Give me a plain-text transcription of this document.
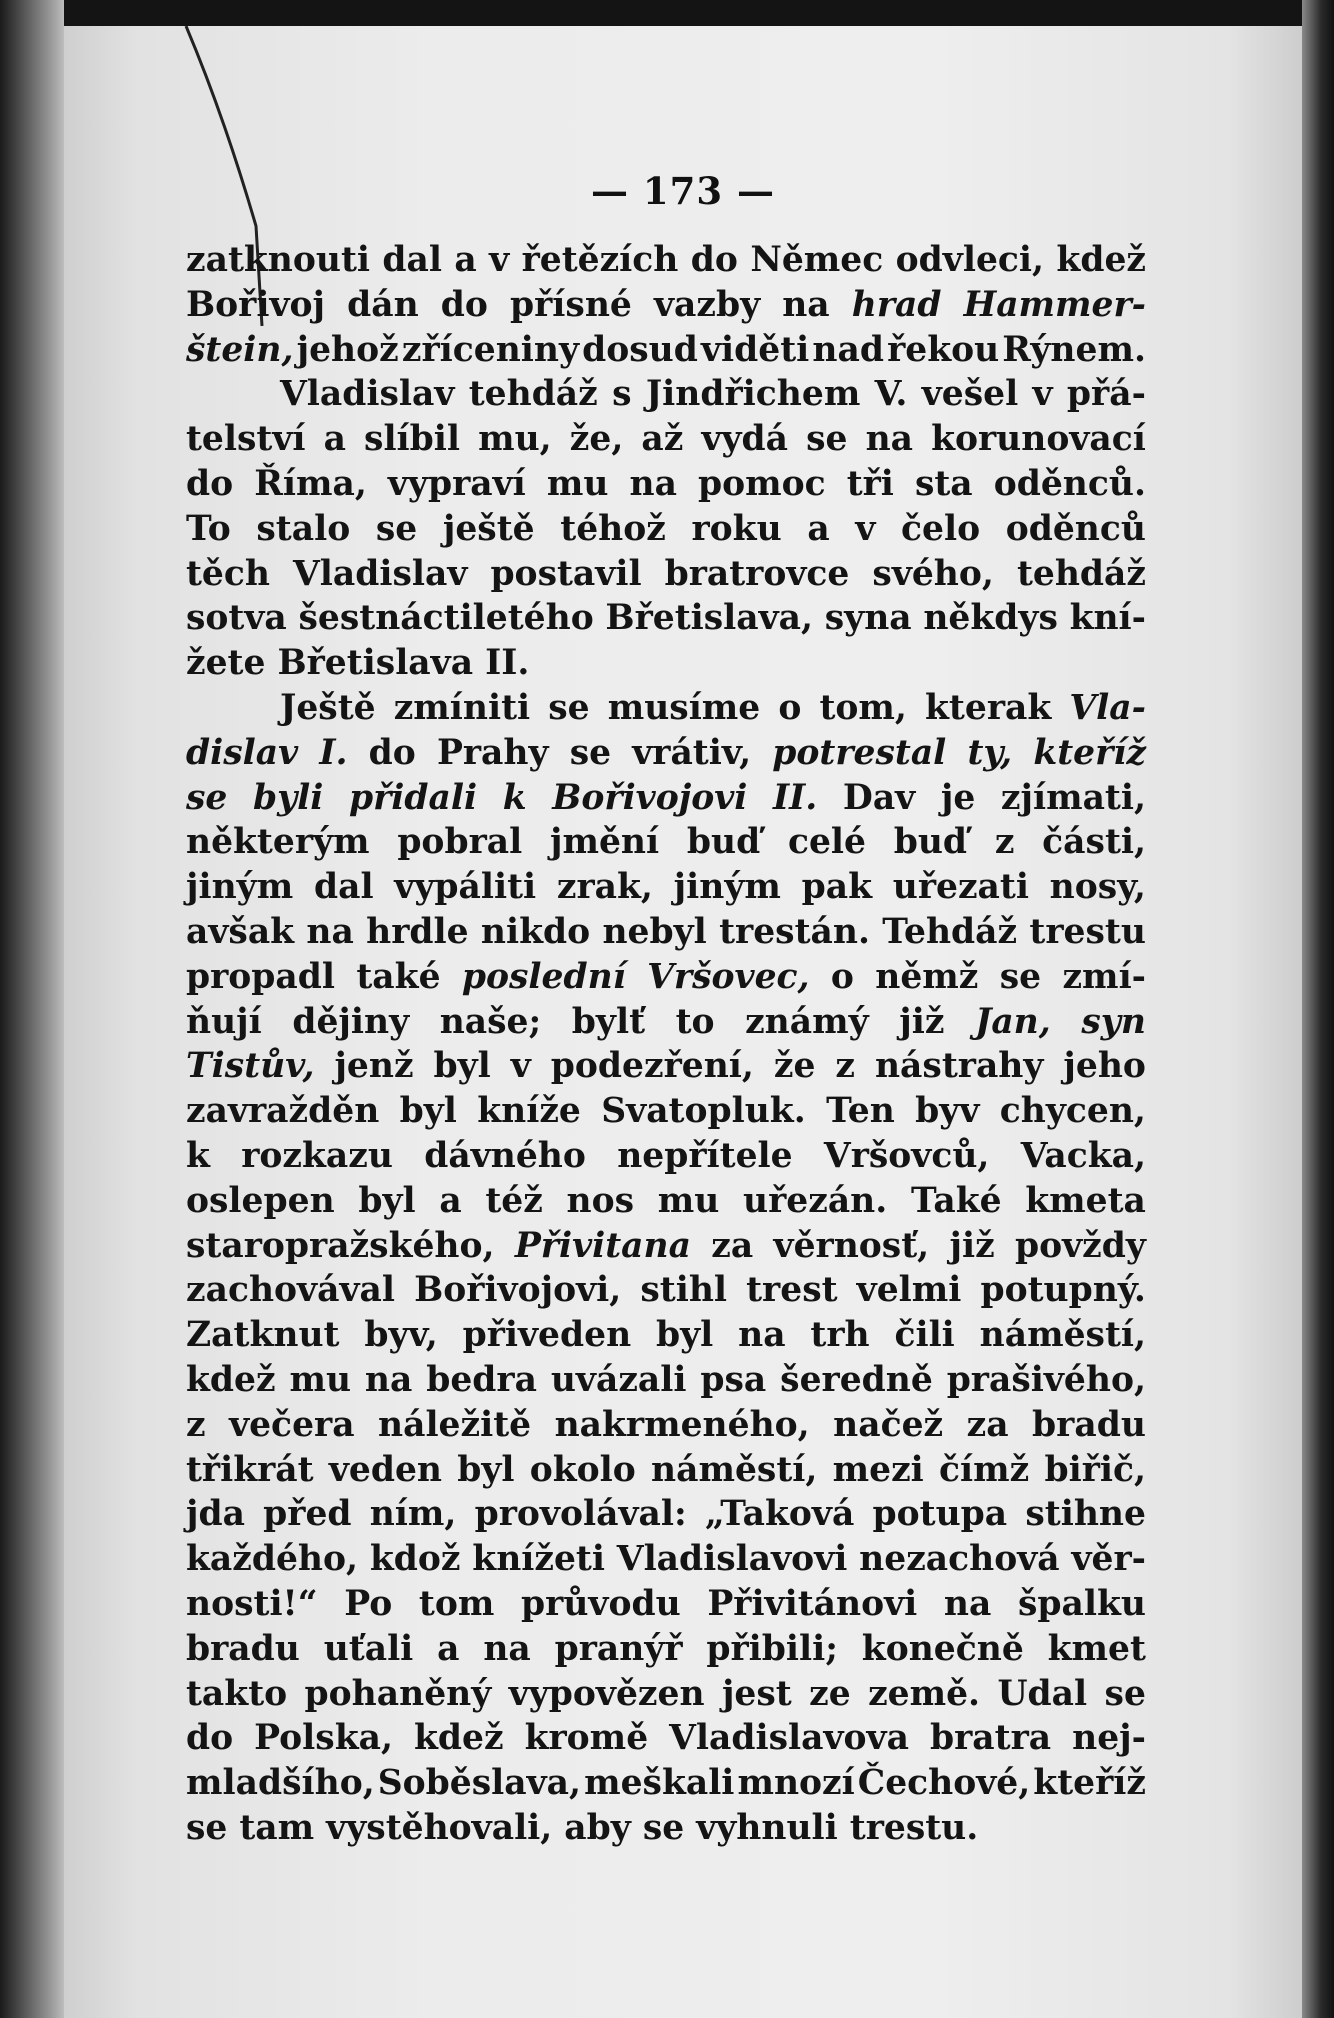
— 173 —
zatknouti dal a v řetězích do Němec odvleci, kdež
Bořivoj dán do přísné vazby na hrad Hammer-
štein, jehož zříceniny dosud viděti nad řekou Rýnem.
Vladislav tehdáž s Jindřichem V. vešel v přá-
telství a slíbil mu, že, až vydá se na korunovací
do Říma, vypraví mu na pomoc tři sta oděnců.
To stalo se ještě téhož roku a v čelo oděnců
těch Vladislav postavil bratrovce svého, tehdáž
sotva šestnáctiletého Břetislava, syna někdys kní-
žete Břetislava II.
Ještě zmíniti se musíme o tom, kterak Vla-
dislav I. do Prahy se vrátiv, potrestal ty, kteříž
se byli přidali k Bořivojovi II. Dav je zjímati,
některým pobral jmění buď celé buď z části,
jiným dal vypáliti zrak, jiným pak uřezati nosy,
avšak na hrdle nikdo nebyl trestán. Tehdáž trestu
propadl také poslední Vršovec, o němž se zmí-
ňují dějiny naše; bylť to známý již Jan, syn
Tistův, jenž byl v podezření, že z nástrahy jeho
zavražděn byl kníže Svatopluk. Ten byv chycen,
k rozkazu dávného nepřítele Vršovců, Vacka,
oslepen byl a též nos mu uřezán. Také kmeta
staropražského, Přivitana za věrnosť, již povždy
zachovával Bořivojovi, stihl trest velmi potupný.
Zatknut byv, přiveden byl na trh čili náměstí,
kdež mu na bedra uvázali psa šeredně prašivého,
z večera náležitě nakrmeného, načež za bradu
třikrát veden byl okolo náměstí, mezi čímž biřič,
jda před ním, provolával: „Taková potupa stihne
každého, kdož knížeti Vladislavovi nezachová věr-
nosti!“ Po tom průvodu Přivitánovi na špalku
bradu uťali a na pranýř přibili; konečně kmet
takto pohaněný vypovězen jest ze země. Udal se
do Polska, kdež kromě Vladislavova bratra nej-
mladšího, Soběslava, meškali mnozí Čechové, kteříž
se tam vystěhovali, aby se vyhnuli trestu.
